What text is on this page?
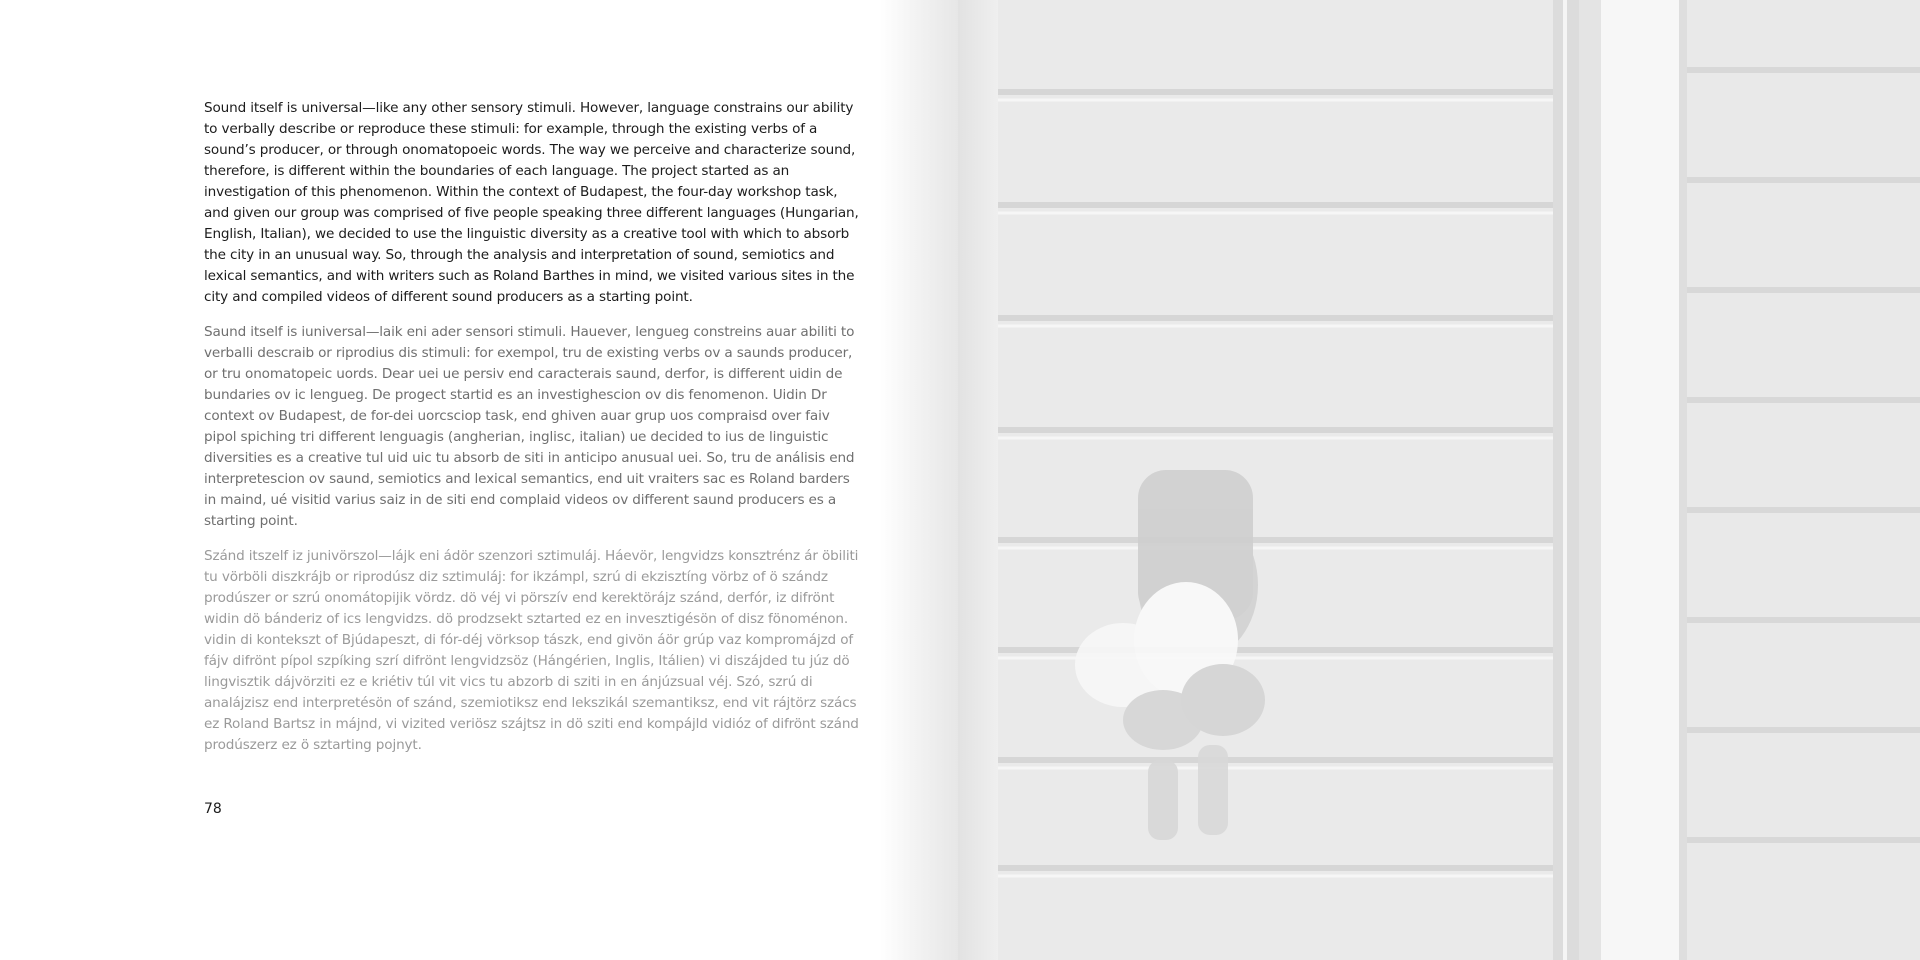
Sound itself is universal—like any other sensory stimuli. However, language constrains our ability to verbally describe or reproduce these stimuli: for example, through the existing verbs of a sound’s producer, or through onomatopoeic words. The way we perceive and characterize sound, therefore, is different within the boundaries of each language. The project started as an investigation of this phenomenon. Within the context of Budapest, the four-day workshop task, and given our group was comprised of five people speaking three different languages (Hungarian, English, Italian), we decided to use the linguistic diversity as a creative tool with which to absorb the city in an unusual way. So, through the analysis and interpretation of sound, semiotics and lexical semantics, and with writers such as Roland Barthes in mind, we visited various sites in the city and compiled videos of different sound producers as a starting point.

Saund itself is iuniversal—laik eni ader sensori stimuli. Hauever, lengueg constreins auar abiliti to verballi descraib or riprodius dis stimuli: for exempol, tru de existing verbs ov a saunds producer, or tru onomatopeic uords. Dear uei ue persiv end caracterais saund, derfor, is different uidin de bundaries ov ic lengueg. De progect startid es an investighescion ov dis fenomenon. Uidin Dr context ov Budapest, de for-dei uorcsciop task, end ghiven auar grup uos compraisd over faiv pipol spiching tri different lenguagis (angherian, inglisc, italian) ue decided to ius de linguistic diversities es a creative tul uid uic tu absorb de siti in anticipo anusual uei. So, tru de análisis end interpretescion ov saund, semiotics and lexical semantics, end uit vraiters sac es Roland barders in maind, ué visitid varius saiz in de siti end complaid videos ov different saund producers es a starting point.

Szánd itszelf iz junivörszol—lájk eni ádör szenzori sztimuláj. Háevör, lengvidzs konsztrénz ár öbiliti tu vörböli diszkrájb or riprodúsz diz sztimuláj: for ikzámpl, szrú di ekzisztíng vörbz of ö szándz prodúszer or szrú onomátopijik vördz. dö véj vi pörszív end kerektörájz szánd, derfór, iz difrönt widin dö bánderiz of ics lengvidzs. dö prodzsekt sztarted ez en invesztigésön of disz fönoménon. vidin di kontekszt of Bjúdapeszt, di fór-déj vörksop tászk, end givön áör grúp vaz kompromájzd of fájv difrönt pípol szpíking szrí difrönt lengvidzsöz (Hángérien, Inglis, Itálien) vi diszájded tu júz dö lingvisztik dájvörziti ez e kriétiv túl vit vics tu abzorb di sziti in en ánjúzsual véj. Szó, szrú di analájzisz end interpretésön of szánd, szemiotiksz end lekszikál szemantiksz, end vit rájtörz szács ez Roland Bartsz in májnd, vi vizited veriösz szájtsz in dö sziti end kompájld vidióz of difrönt szánd prodúszerz ez ö sztarting pojnyt.

78
